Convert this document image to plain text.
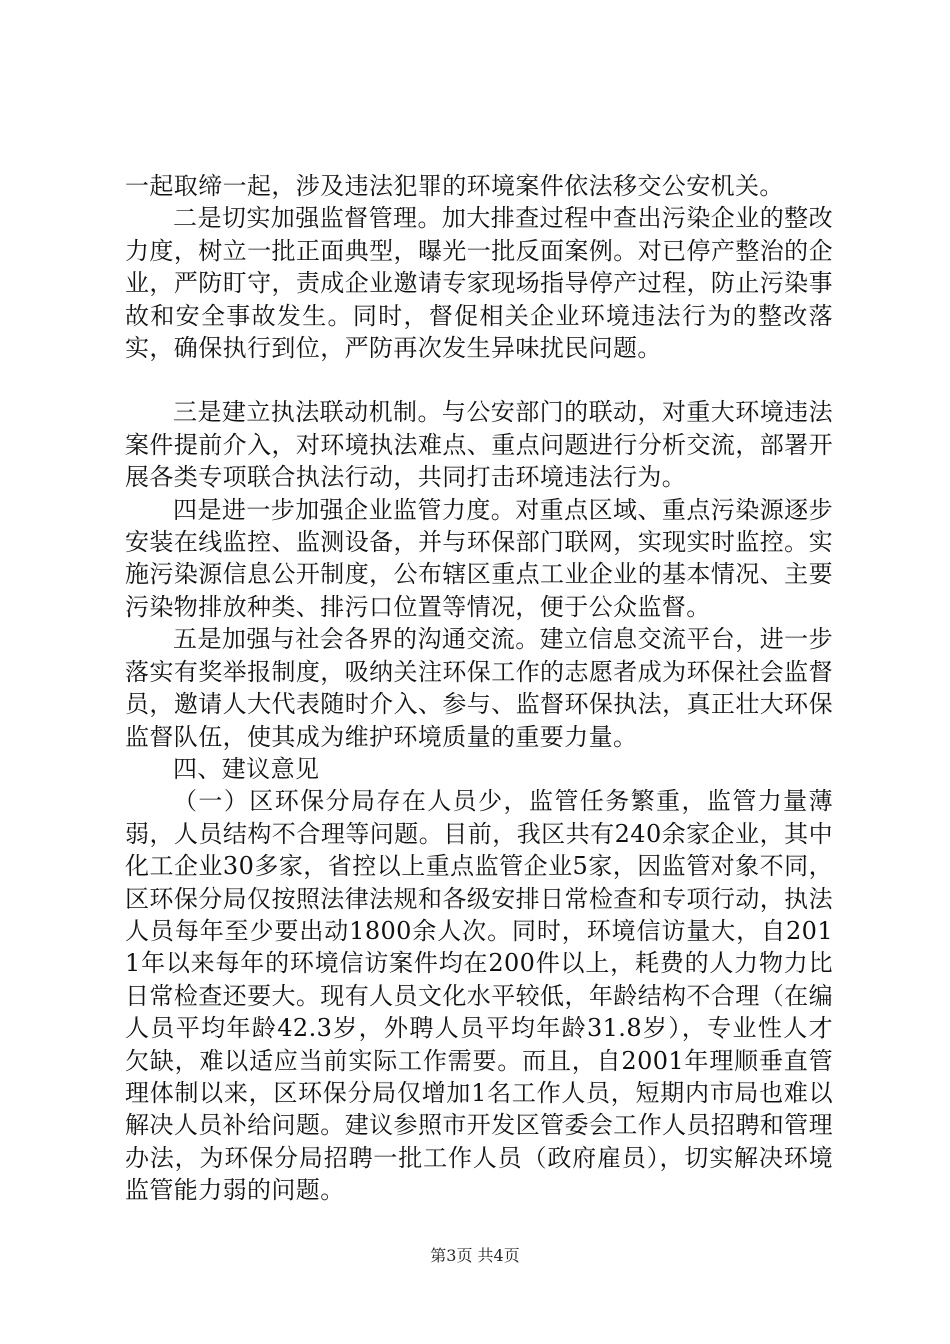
一起取缔一起，涉及违法犯罪的环境案件依法移交公安机关。

二是切实加强监督管理。加大排查过程中查出污染企业的整改力度，树立一批正面典型，曝光一批反面案例。对已停产整治的企业，严防盯守，责成企业邀请专家现场指导停产过程，防止污染事故和安全事故发生。同时，督促相关企业环境违法行为的整改落实，确保执行到位，严防再次发生异味扰民问题。

三是建立执法联动机制。与公安部门的联动，对重大环境违法案件提前介入，对环境执法难点、重点问题进行分析交流，部署开展各类专项联合执法行动，共同打击环境违法行为。

四是进一步加强企业监管力度。对重点区域、重点污染源逐步安装在线监控、监测设备，并与环保部门联网，实现实时监控。实施污染源信息公开制度，公布辖区重点工业企业的基本情况、主要污染物排放种类、排污口位置等情况，便于公众监督。

五是加强与社会各界的沟通交流。建立信息交流平台，进一步落实有奖举报制度，吸纳关注环保工作的志愿者成为环保社会监督员，邀请人大代表随时介入、参与、监督环保执法，真正壮大环保监督队伍，使其成为维护环境质量的重要力量。

四、建议意见

（一）区环保分局存在人员少，监管任务繁重，监管力量薄弱，人员结构不合理等问题。目前，我区共有240余家企业，其中化工企业30多家，省控以上重点监管企业5家，因监管对象不同，区环保分局仅按照法律法规和各级安排日常检查和专项行动，执法人员每年至少要出动1800余人次。同时，环境信访量大，自2011年以来每年的环境信访案件均在200件以上，耗费的人力物力比日常检查还要大。现有人员文化水平较低，年龄结构不合理（在编人员平均年龄42.3岁，外聘人员平均年龄31.8岁），专业性人才欠缺，难以适应当前实际工作需要。而且，自2001年理顺垂直管理体制以来，区环保分局仅增加1名工作人员，短期内市局也难以解决人员补给问题。建议参照市开发区管委会工作人员招聘和管理办法，为环保分局招聘一批工作人员（政府雇员），切实解决环境监管能力弱的问题。

第3页 共4页
